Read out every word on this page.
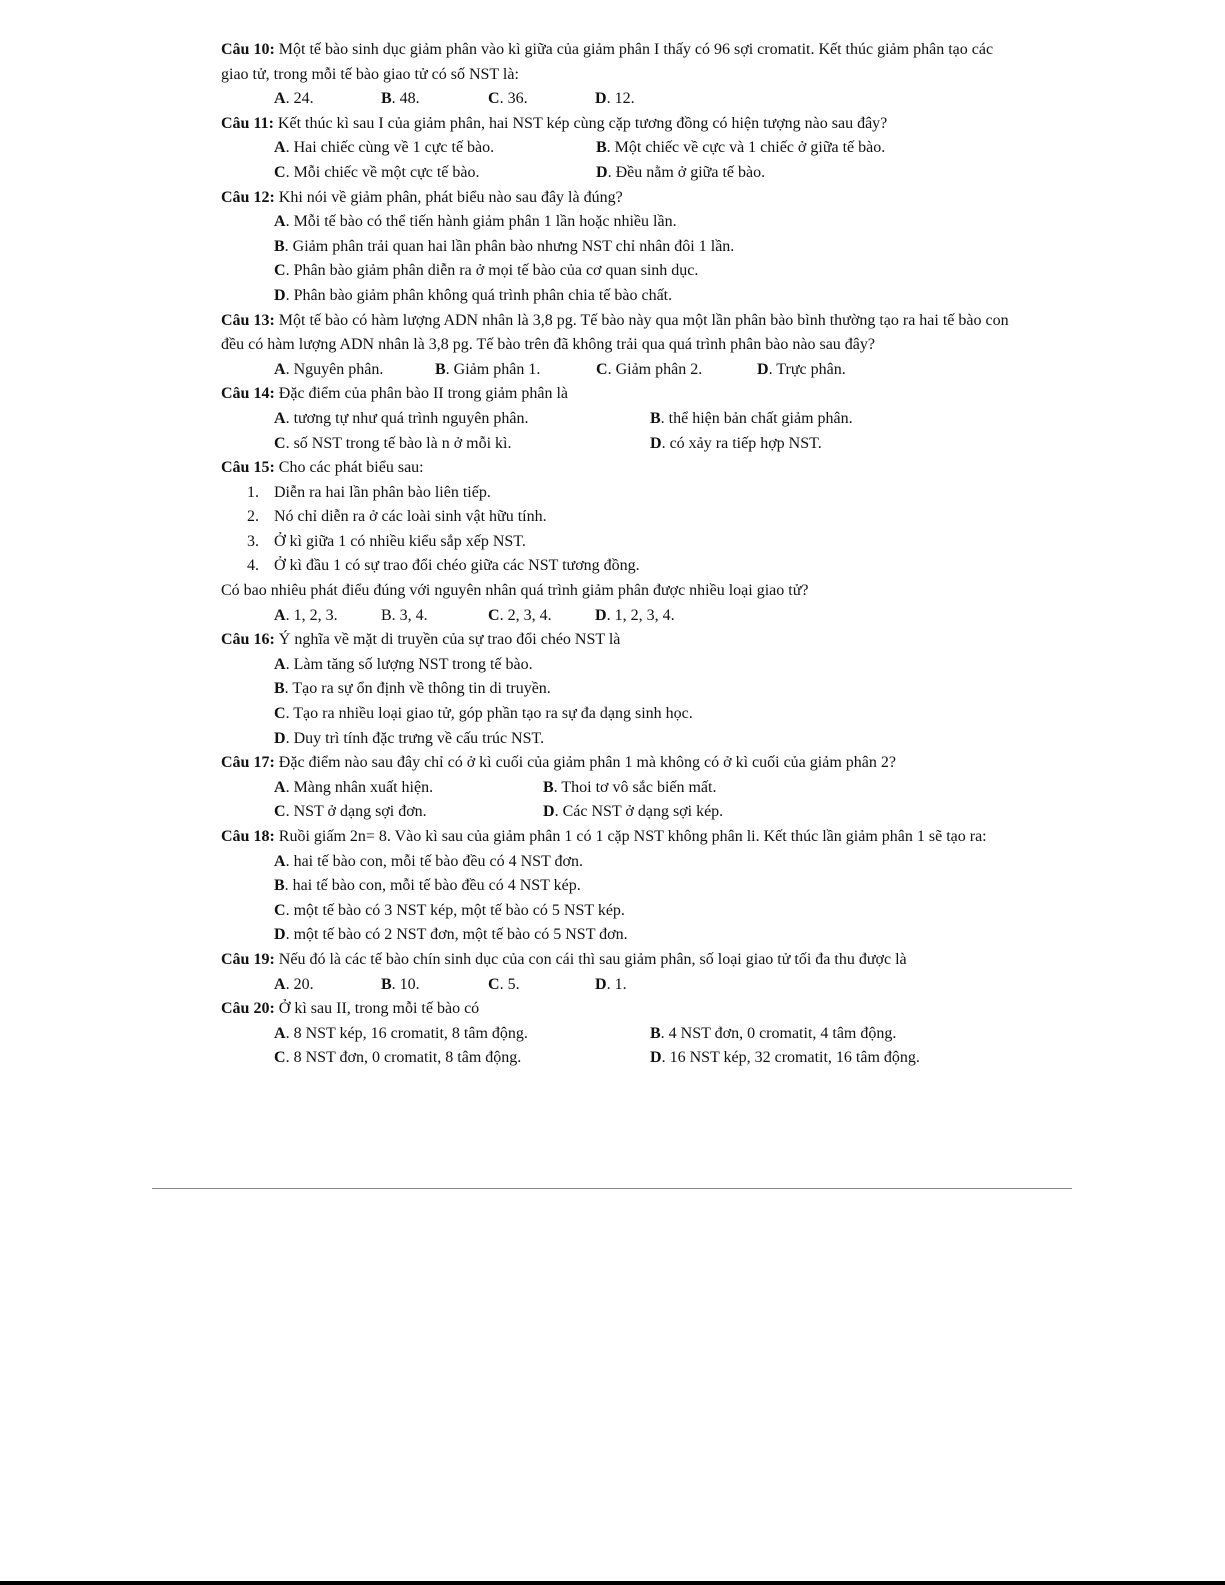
Câu 10: Một tế bào sinh dục giảm phân vào kì giữa của giảm phân I thấy có 96 sợi cromatit. Kết thúc giảm phân tạo các giao tử, trong mỗi tế bào giao tử có số NST là:

A. 24.	B. 48.	C. 36.	D. 12.

Câu 11: Kết thúc kì sau I của giảm phân, hai NST kép cùng cặp tương đồng có hiện tượng nào sau đây?

A. Hai chiếc cùng về 1 cực tế bào.	B. Một chiếc về cực và 1 chiếc ở giữa tế bào.
C. Mỗi chiếc về một cực tế bào.	D. Đều nằm ở giữa tế bào.

Câu 12: Khi nói về giảm phân, phát biểu nào sau đây là đúng?

A. Mỗi tế bào có thể tiến hành giảm phân 1 lần hoặc nhiều lần.
B. Giảm phân trải quan hai lần phân bào nhưng NST chỉ nhân đôi 1 lần.
C. Phân bào giảm phân diễn ra ở mọi tế bào của cơ quan sinh dục.
D. Phân bào giảm phân không quá trình phân chia tế bào chất.

Câu 13: Một tế bào có hàm lượng ADN nhân là 3,8 pg. Tế bào này qua một lần phân bào bình thường tạo ra hai tế bào con đều có hàm lượng ADN nhân là 3,8 pg. Tế bào trên đã không trải qua quá trình phân bào nào sau đây?

A. Nguyên phân.	B. Giảm phân 1.	C. Giảm phân 2.	D. Trực phân.

Câu 14: Đặc điểm của phân bào II trong giảm phân là

A. tương tự như quá trình nguyên phân.	B. thể hiện bản chất giảm phân.
C. số NST trong tế bào là n ở mỗi kì.	D. có xảy ra tiếp hợp NST.

Câu 15: Cho các phát biểu sau:

1. Diễn ra hai lần phân bào liên tiếp.
2. Nó chỉ diễn ra ở các loài sinh vật hữu tính.
3. Ở kì giữa 1 có nhiều kiểu sắp xếp NST.
4. Ở kì đầu 1 có sự trao đổi chéo giữa các NST tương đồng.

Có bao nhiêu phát điểu đúng với nguyên nhân quá trình giảm phân được nhiều loại giao tử?

A. 1, 2, 3.	B. 3, 4.	C. 2, 3, 4.	D. 1, 2, 3, 4.

Câu 16: Ý nghĩa về mặt di truyền của sự trao đổi chéo NST là

A. Làm tăng số lượng NST trong tế bào.
B. Tạo ra sự ổn định về thông tin di truyền.
C. Tạo ra nhiều loại giao tử, góp phần tạo ra sự đa dạng sinh học.
D. Duy trì tính đặc trưng về cấu trúc NST.

Câu 17: Đặc điểm nào sau đây chỉ có ở kì cuối của giảm phân 1 mà không có ở kì cuối của giảm phân 2?

A. Màng nhân xuất hiện.	B. Thoi tơ vô sắc biến mất.
C. NST ở dạng sợi đơn.	D. Các NST ở dạng sợi kép.

Câu 18: Ruồi giấm 2n= 8. Vào kì sau của giảm phân 1 có 1 cặp NST không phân li. Kết thúc lần giảm phân 1 sẽ tạo ra:

A. hai tế bào con, mỗi tế bào đều có 4 NST đơn.
B. hai tế bào con, mỗi tế bào đều có 4 NST kép.
C. một tế bào có 3 NST kép, một tế bào có 5 NST kép.
D. một tế bào có 2 NST đơn, một tế bào có 5 NST đơn.

Câu 19: Nếu đó là các tế bào chín sinh dục của con cái thì sau giảm phân, số loại giao tử tối đa thu được là

A. 20.	B. 10.	C. 5.	D. 1.

Câu 20: Ở kì sau II, trong mỗi tế bào có

A. 8 NST kép, 16 cromatit, 8 tâm động.	B. 4 NST đơn, 0 cromatit, 4 tâm động.
C. 8 NST đơn, 0 cromatit, 8 tâm động.	D. 16 NST kép, 32 cromatit, 16 tâm động.
